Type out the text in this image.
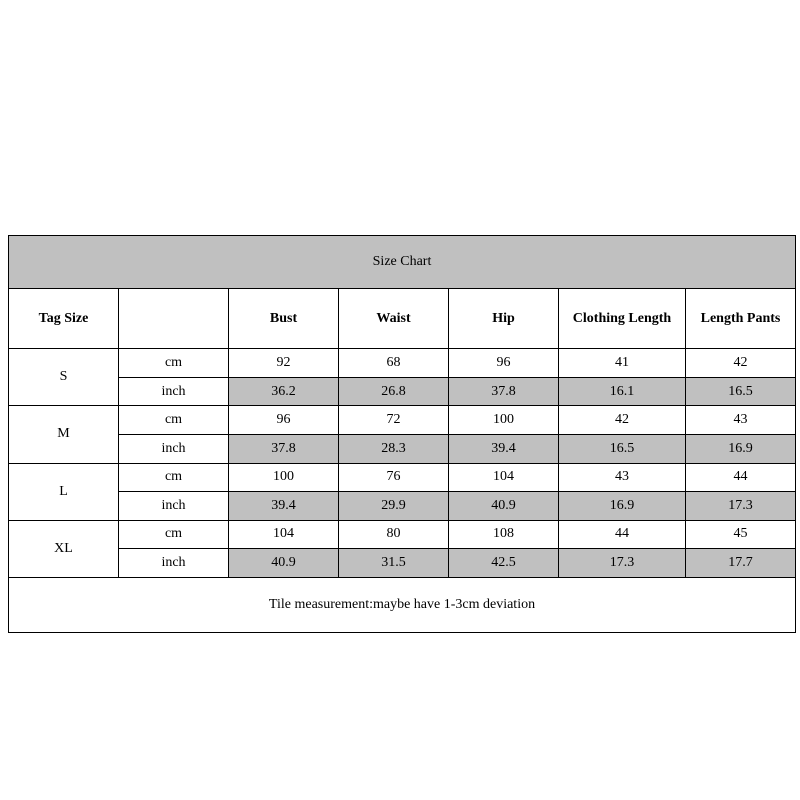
Size Chart						
Tag Size		Bust	Waist	Hip	Clothing Length	Length Pants
S	cm	92	68	96	41	42
	inch	36.2	26.8	37.8	16.1	16.5
M	cm	96	72	100	42	43
	inch	37.8	28.3	39.4	16.5	16.9
L	cm	100	76	104	43	44
	inch	39.4	29.9	40.9	16.9	17.3
XL	cm	104	80	108	44	45
	inch	40.9	31.5	42.5	17.3	17.7
Tile measurement:maybe have 1-3cm deviation						
